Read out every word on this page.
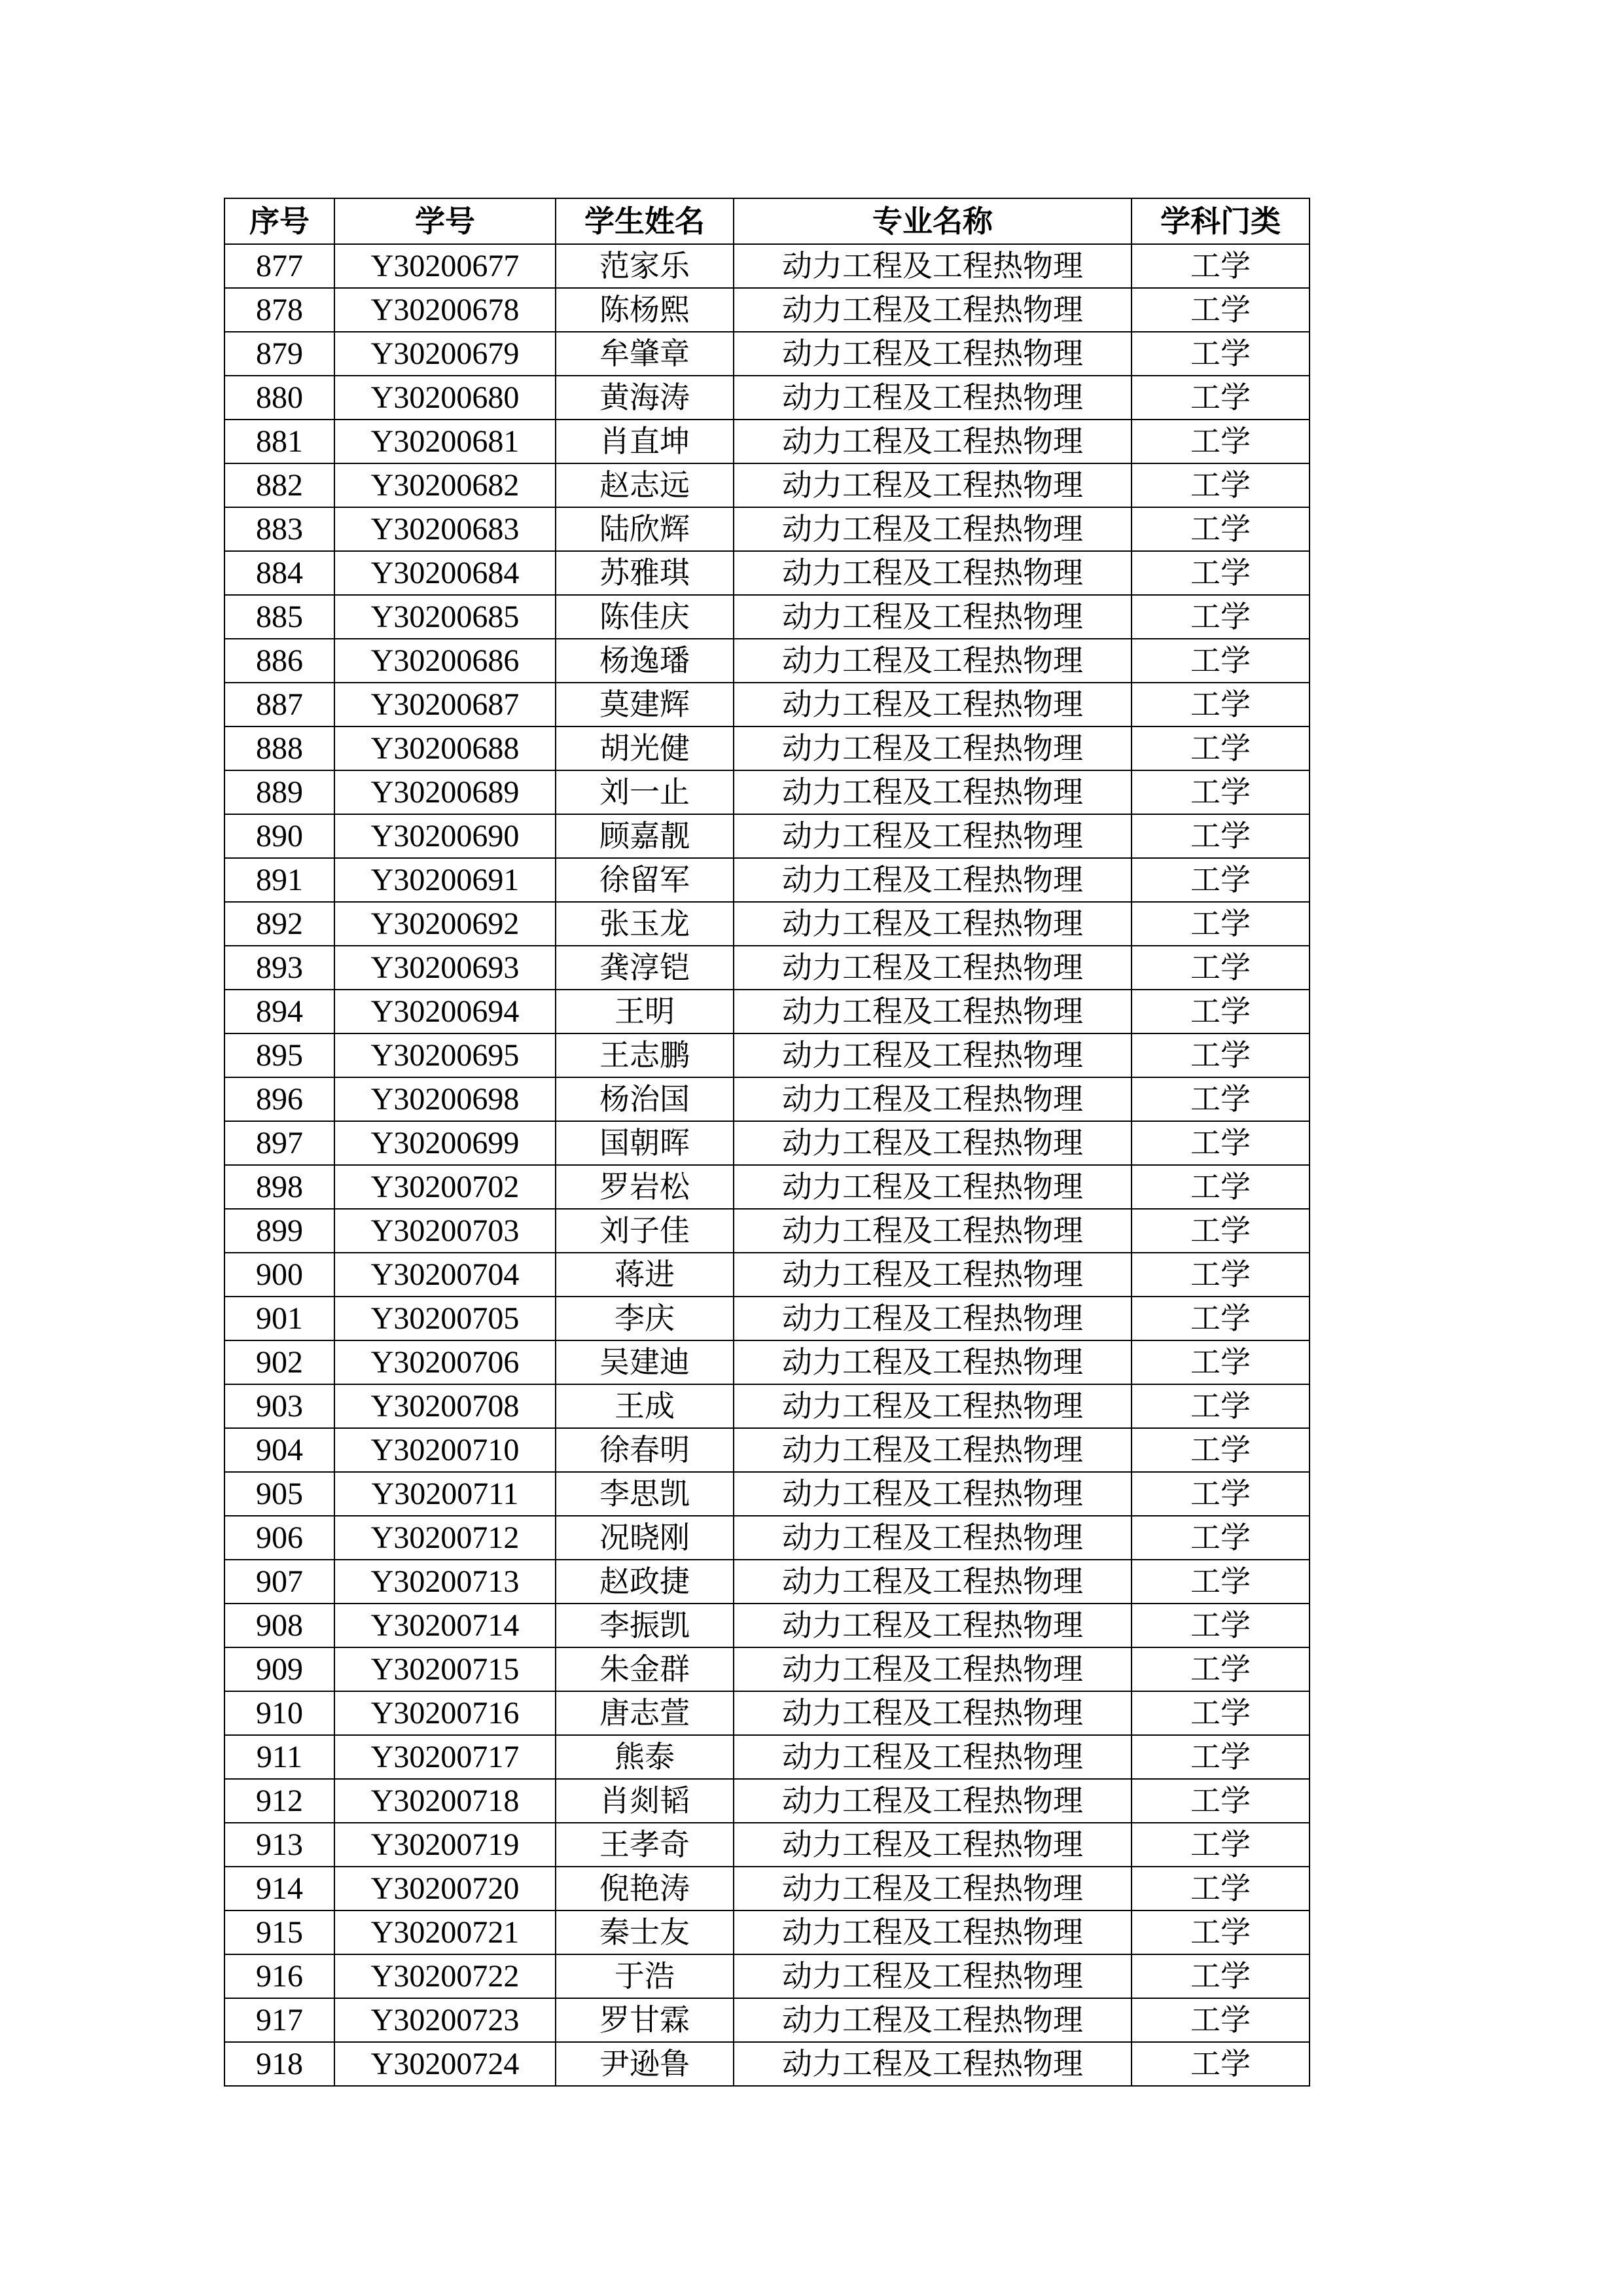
序号	学号	学生姓名	专业名称	学科门类
877	Y30200677	范家乐	动力工程及工程热物理	工学
878	Y30200678	陈杨熙	动力工程及工程热物理	工学
879	Y30200679	牟肇章	动力工程及工程热物理	工学
880	Y30200680	黄海涛	动力工程及工程热物理	工学
881	Y30200681	肖直坤	动力工程及工程热物理	工学
882	Y30200682	赵志远	动力工程及工程热物理	工学
883	Y30200683	陆欣辉	动力工程及工程热物理	工学
884	Y30200684	苏雅琪	动力工程及工程热物理	工学
885	Y30200685	陈佳庆	动力工程及工程热物理	工学
886	Y30200686	杨逸璠	动力工程及工程热物理	工学
887	Y30200687	莫建辉	动力工程及工程热物理	工学
888	Y30200688	胡光健	动力工程及工程热物理	工学
889	Y30200689	刘一止	动力工程及工程热物理	工学
890	Y30200690	顾嘉靓	动力工程及工程热物理	工学
891	Y30200691	徐留军	动力工程及工程热物理	工学
892	Y30200692	张玉龙	动力工程及工程热物理	工学
893	Y30200693	龚淳铠	动力工程及工程热物理	工学
894	Y30200694	王明	动力工程及工程热物理	工学
895	Y30200695	王志鹏	动力工程及工程热物理	工学
896	Y30200698	杨治国	动力工程及工程热物理	工学
897	Y30200699	国朝晖	动力工程及工程热物理	工学
898	Y30200702	罗岩松	动力工程及工程热物理	工学
899	Y30200703	刘子佳	动力工程及工程热物理	工学
900	Y30200704	蒋进	动力工程及工程热物理	工学
901	Y30200705	李庆	动力工程及工程热物理	工学
902	Y30200706	吴建迪	动力工程及工程热物理	工学
903	Y30200708	王成	动力工程及工程热物理	工学
904	Y30200710	徐春明	动力工程及工程热物理	工学
905	Y30200711	李思凯	动力工程及工程热物理	工学
906	Y30200712	况晓刚	动力工程及工程热物理	工学
907	Y30200713	赵政捷	动力工程及工程热物理	工学
908	Y30200714	李振凯	动力工程及工程热物理	工学
909	Y30200715	朱金群	动力工程及工程热物理	工学
910	Y30200716	唐志萱	动力工程及工程热物理	工学
911	Y30200717	熊泰	动力工程及工程热物理	工学
912	Y30200718	肖剡韬	动力工程及工程热物理	工学
913	Y30200719	王孝奇	动力工程及工程热物理	工学
914	Y30200720	倪艳涛	动力工程及工程热物理	工学
915	Y30200721	秦士友	动力工程及工程热物理	工学
916	Y30200722	于浩	动力工程及工程热物理	工学
917	Y30200723	罗甘霖	动力工程及工程热物理	工学
918	Y30200724	尹逊鲁	动力工程及工程热物理	工学
